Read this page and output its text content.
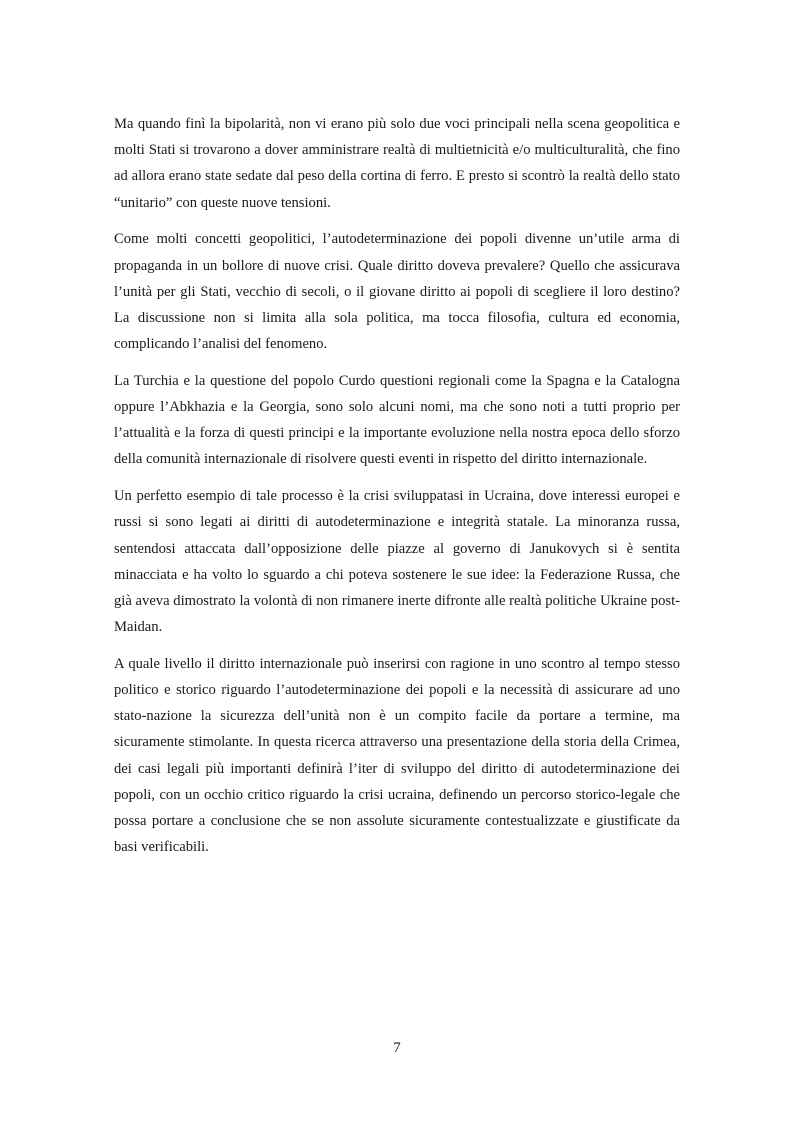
Ma quando finì la bipolarità, non vi erano più solo due voci principali nella scena geopolitica e molti Stati si trovarono a dover amministrare realtà di multietnicità e/o multiculturalità, che fino ad allora erano state sedate dal peso della cortina di ferro. E presto si scontrò la realtà dello stato “unitario” con queste nuove tensioni.

Come molti concetti geopolitici, l’autodeterminazione dei popoli divenne un’utile arma di propaganda in un bollore di nuove crisi. Quale diritto doveva prevalere? Quello che assicurava l’unità per gli Stati, vecchio di secoli, o il giovane diritto ai popoli di scegliere il loro destino? La discussione non si limita alla sola politica, ma tocca filosofia, cultura ed economia, complicando l’analisi del fenomeno.

La Turchia e la questione del popolo Curdo questioni regionali come la Spagna e la Catalogna oppure l’Abkhazia e la Georgia, sono solo alcuni nomi, ma che sono noti a tutti proprio per l’attualità e la forza di questi principi e la importante evoluzione nella nostra epoca dello sforzo della comunità internazionale di risolvere questi eventi in rispetto del diritto internazionale.

Un perfetto esempio di tale processo è la crisi sviluppatasi in Ucraina, dove interessi europei e russi si sono legati ai diritti di autodeterminazione e integrità statale. La minoranza russa, sentendosi attaccata dall’opposizione delle piazze al governo di Janukovych si è sentita minacciata e ha volto lo sguardo a chi poteva sostenere le sue idee: la Federazione Russa, che già aveva dimostrato la volontà di non rimanere inerte difronte alle realtà politiche Ukraine post-Maidan.

A quale livello il diritto internazionale può inserirsi con ragione in uno scontro al tempo stesso politico e storico riguardo l’autodeterminazione dei popoli e la necessità di assicurare ad uno stato-nazione la sicurezza dell’unità non è un compito facile da portare a termine, ma sicuramente stimolante. In questa ricerca attraverso una presentazione della storia della Crimea, dei casi legali più importanti definirà l’iter di sviluppo del diritto di autodeterminazione dei popoli, con un occhio critico riguardo la crisi ucraina, definendo un percorso storico-legale che possa portare a conclusione che se non assolute sicuramente contestualizzate e giustificate da basi verificabili.

7
